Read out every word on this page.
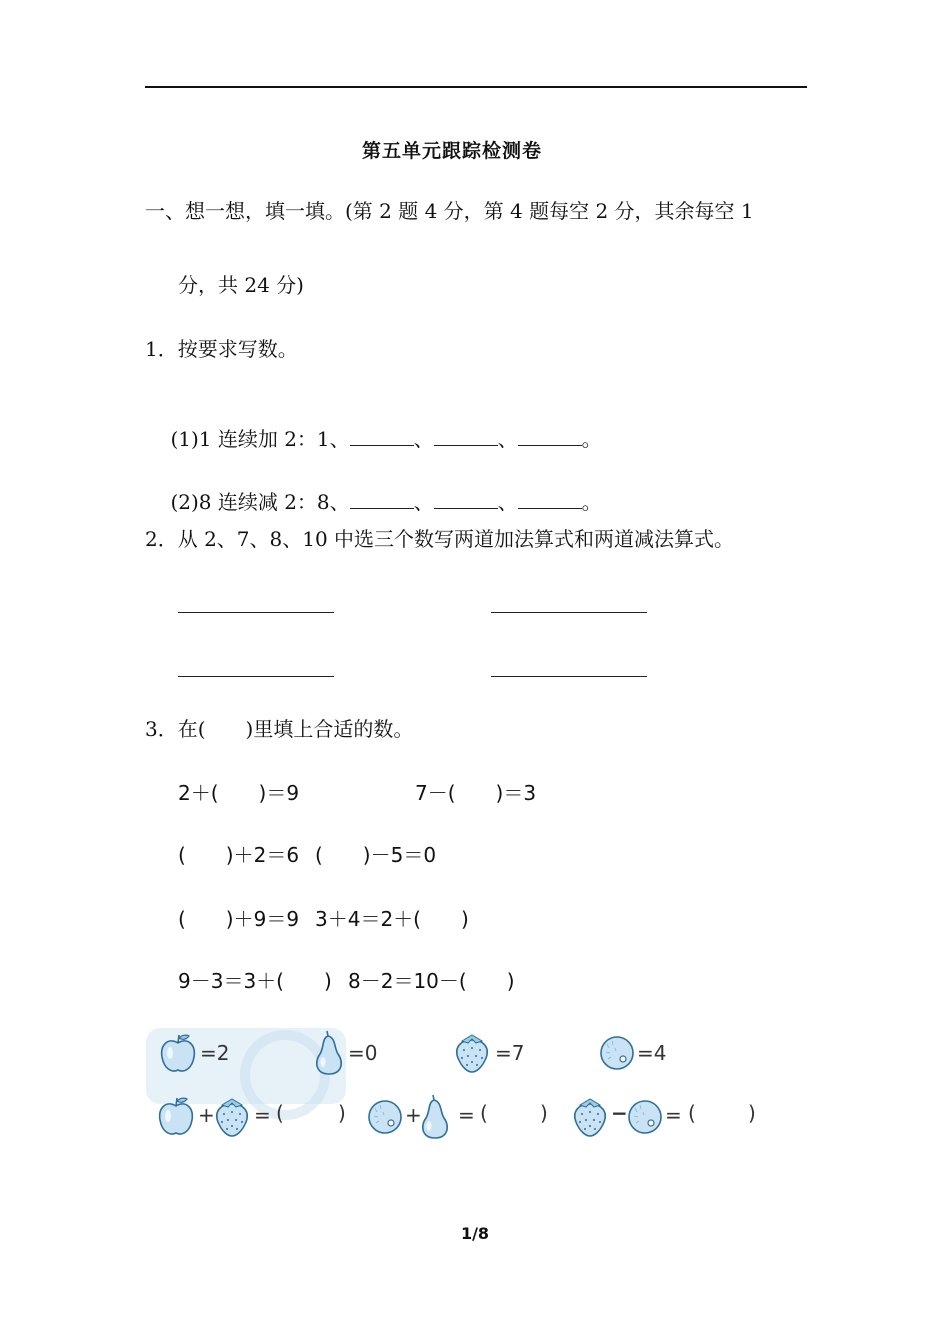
第五单元跟踪检测卷
一、想一想，填一填。(第 2 题 4 分，第 4 题每空 2 分，其余每空 1
分，共 24 分)
1．按要求写数。

(1)1 连续加 2：1、	、	、	。

(2)8 连续减 2：8、	、	、	。

2．从 2、7、8、10 中选三个数写两道加法算式和两道减法算式。
3．在(　　)里填上合适的数。
2＋(　　)＝9	7－(　　)＝3
(　　)＋2＝6 (　　)－5＝0
(　　)＋9＝9 3＋4＝2＋(　　)
9－3＝3＋(　　) 8－2＝10－(　　)
=2	=0	=7	=4
+ = (	)	+ = (	)	− = (	)
1/8
